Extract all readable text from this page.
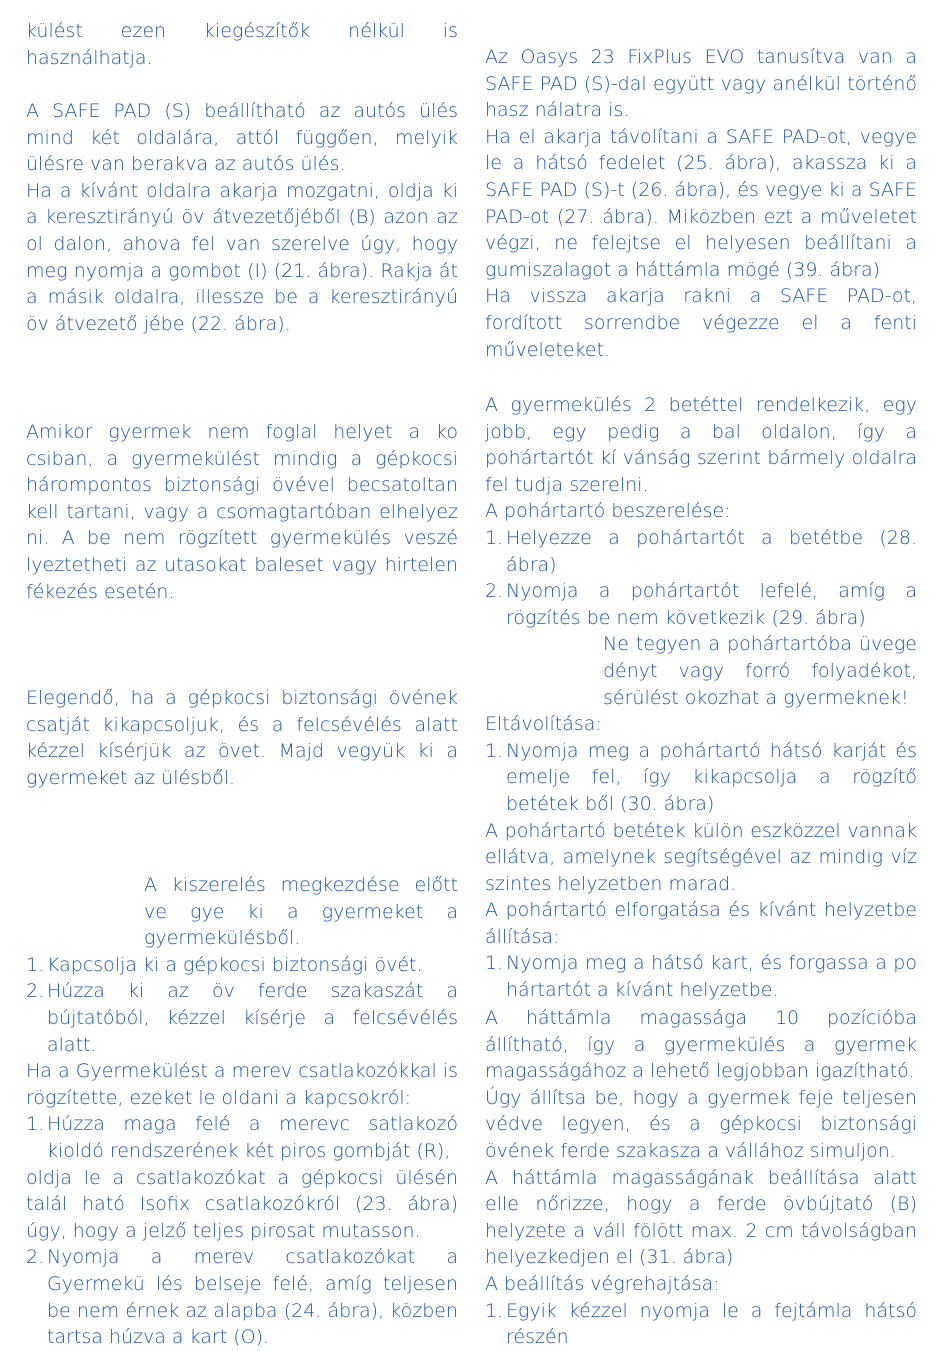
külést ezen kiegészítők nélkül is használhatja.

A SAFE PAD (S) beállítható az autós ülés mind két oldalára, attól függően, melyik ülésre van berakva az autós ülés.

Ha a kívánt oldalra akarja mozgatni, oldja ki a keresztirányú öv átvezetőjéből (B) azon az ol dalon, ahova fel van szerelve úgy, hogy meg nyomja a gombot (I) (21. ábra). Rakja át a másik oldalra, illessze be a keresztirányú öv átvezető jébe (22. ábra).

Amikor gyermek nem foglal helyet a ko csiban, a gyermekülést mindig a gépkocsi hárompontos biztonsági övével becsatoltan kell tartani, vagy a csomagtartóban elhelyez ni. A be nem rögzített gyermekülés veszé lyeztetheti az utasokat baleset vagy hirtelen fékezés esetén.

Elegendő, ha a gépkocsi biztonsági övének csatját kikapcsoljuk, és a felcsévélés alatt kézzel kísérjük az övet. Majd vegyük ki a gyermeket az ülésből.

A kiszerelés megkezdése előtt ve gye ki a gyermeket a gyermekülésből.

1. Kapcsolja ki a gépkocsi biztonsági övét.
2. Húzza ki az öv ferde szakaszát a bújtatóból, kézzel kísérje a felcsévélés alatt.

Ha a Gyermekülést a merev csatlakozókkal is rögzítette, ezeket le oldani a kapcsokról:

1. Húzza maga felé a merevc satlakozó kioldó rendszerének két piros gombját (R),

oldja le a csatlakozókat a gépkocsi ülésén talál ható Isofix csatlakozókról (23. ábra) úgy, hogy a jelző teljes pirosat mutasson.

2. Nyomja a merev csatlakozókat a Gyermekü lés belseje felé, amíg teljesen be nem érnek az alapba (24. ábra), közben tartsa húzva a kart (O).

Az Oasys 23 FixPlus EVO tanusítva van a SAFE PAD (S)-dal együtt vagy anélkül történő hasz nálatra is.

Ha el akarja távolítani a SAFE PAD-ot, vegye le a hátsó fedelet (25. ábra), akassza ki a SAFE PAD (S)-t (26. ábra), és vegye ki a SAFE PAD-ot (27. ábra). Miközben ezt a műveletet végzi, ne felejtse el helyesen beállítani a gumiszalagot a háttámla mögé (39. ábra)

Ha vissza akarja rakni a SAFE PAD-ot, fordított sorrendbe végezze el a fenti műveleteket.

A gyermekülés 2 betéttel rendelkezik, egy jobb, egy pedig a bal oldalon, így a pohártartót kí vánság szerint bármely oldalra fel tudja szerelni.

A pohártartó beszerelése:

1. Helyezze a pohártartót a betétbe (28. ábra)
2. Nyomja a pohártartót lefelé, amíg a rögzítés be nem következik (29. ábra)

Ne tegyen a pohártartóba üvege dényt vagy forró folyadékot, sérülést okozhat a gyermeknek!

Eltávolítása:

1. Nyomja meg a pohártartó hátsó karját és emelje fel, így kikapcsolja a rögzítő betétek ből (30. ábra)

A pohártartó betétek külön eszközzel vannak ellátva, amelynek segítségével az mindig víz szintes helyzetben marad.

A pohártartó elforgatása és kívánt helyzetbe állítása:

1. Nyomja meg a hátsó kart, és forgassa a po hártartót a kívánt helyzetbe.

A háttámla magassága 10 pozícióba állítható, így a gyermekülés a gyermek magasságához a lehető legjobban igazítható.

Úgy állítsa be, hogy a gyermek feje teljesen védve legyen, és a gépkocsi biztonsági övének ferde szakasza a vállához simuljon.

A háttámla magasságának beállítása alatt elle nőrizze, hogy a ferde övbújtató (B) helyzete a váll fölött max. 2 cm távolságban helyezkedjen el (31. ábra)

A beállítás végrehajtása:

1. Egyik kézzel nyomja le a fejtámla hátsó részén
